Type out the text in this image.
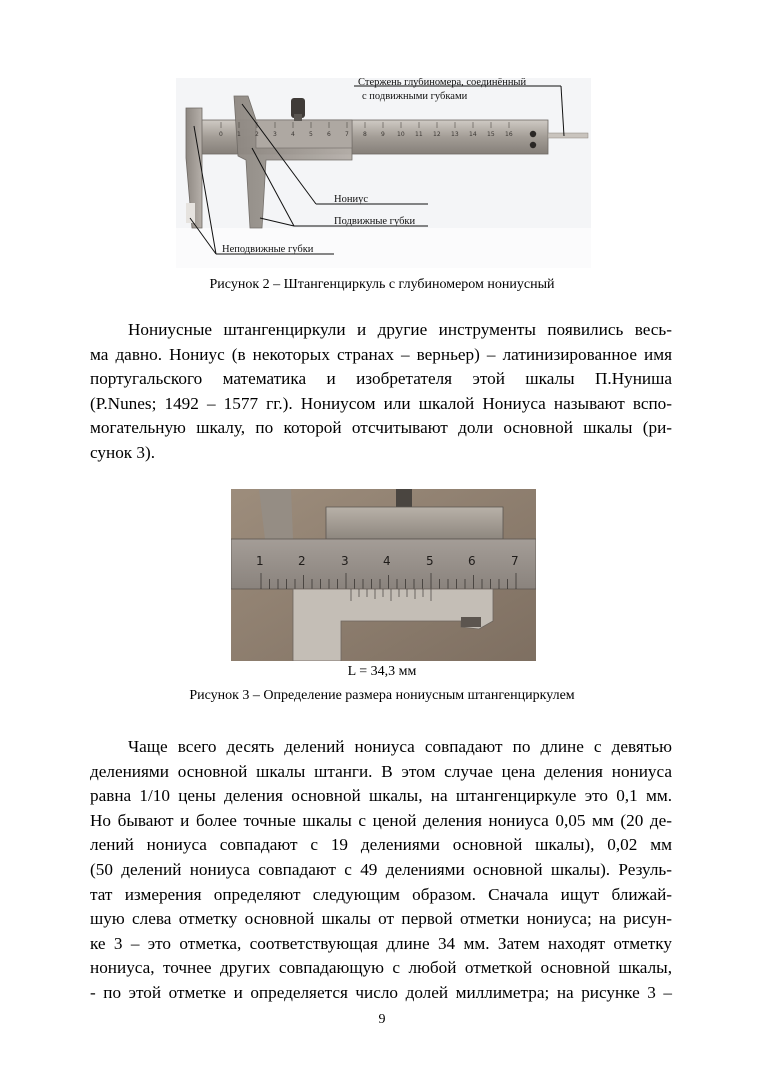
0 1 2 3 4 5 6 7 8 9 10 11 12 13 14 15 16
Стержень глубиномера, соединённый
с подвижными губками
Нониус
Подвижные губки
Неподвижные губки
Рисунок 2 – Штангенциркуль с глубиномером нониусный

Нониусные штангенциркули и другие инструменты появились весь-
ма давно. Нониус (в некоторых странах – верньер) – латинизированное имя
португальского математика и изобретателя этой шкалы П.Нуниша
(P.Nunes; 1492 – 1577 гг.). Нониусом или шкалой Нониуса называют вспо-
могательную шкалу, по которой отсчитывают доли основной шкалы (ри-
сунок 3).

1	2	3	4	5	6	7
L = 34,3 мм
Рисунок 3 – Определение размера нониусным штангенциркулем

Чаще всего десять делений нониуса совпадают по длине с девятью
делениями основной шкалы штанги. В этом случае цена деления нониуса
равна 1/10 цены деления основной шкалы, на штангенциркуле это 0,1 мм.
Но бывают и более точные шкалы с ценой деления нониуса 0,05 мм (20 де-
лений нониуса совпадают с 19 делениями основной шкалы), 0,02 мм
(50 делений нониуса совпадают с 49 делениями основной шкалы). Резуль-
тат измерения определяют следующим образом. Сначала ищут ближай-
шую слева отметку основной шкалы от первой отметки нониуса; на рисун-
ке 3 – это отметка, соответствующая длине 34 мм. Затем находят отметку
нониуса, точнее других совпадающую с любой отметкой основной шкалы,
- по этой отметке и определяется число долей миллиметра; на рисунке 3 –

9
